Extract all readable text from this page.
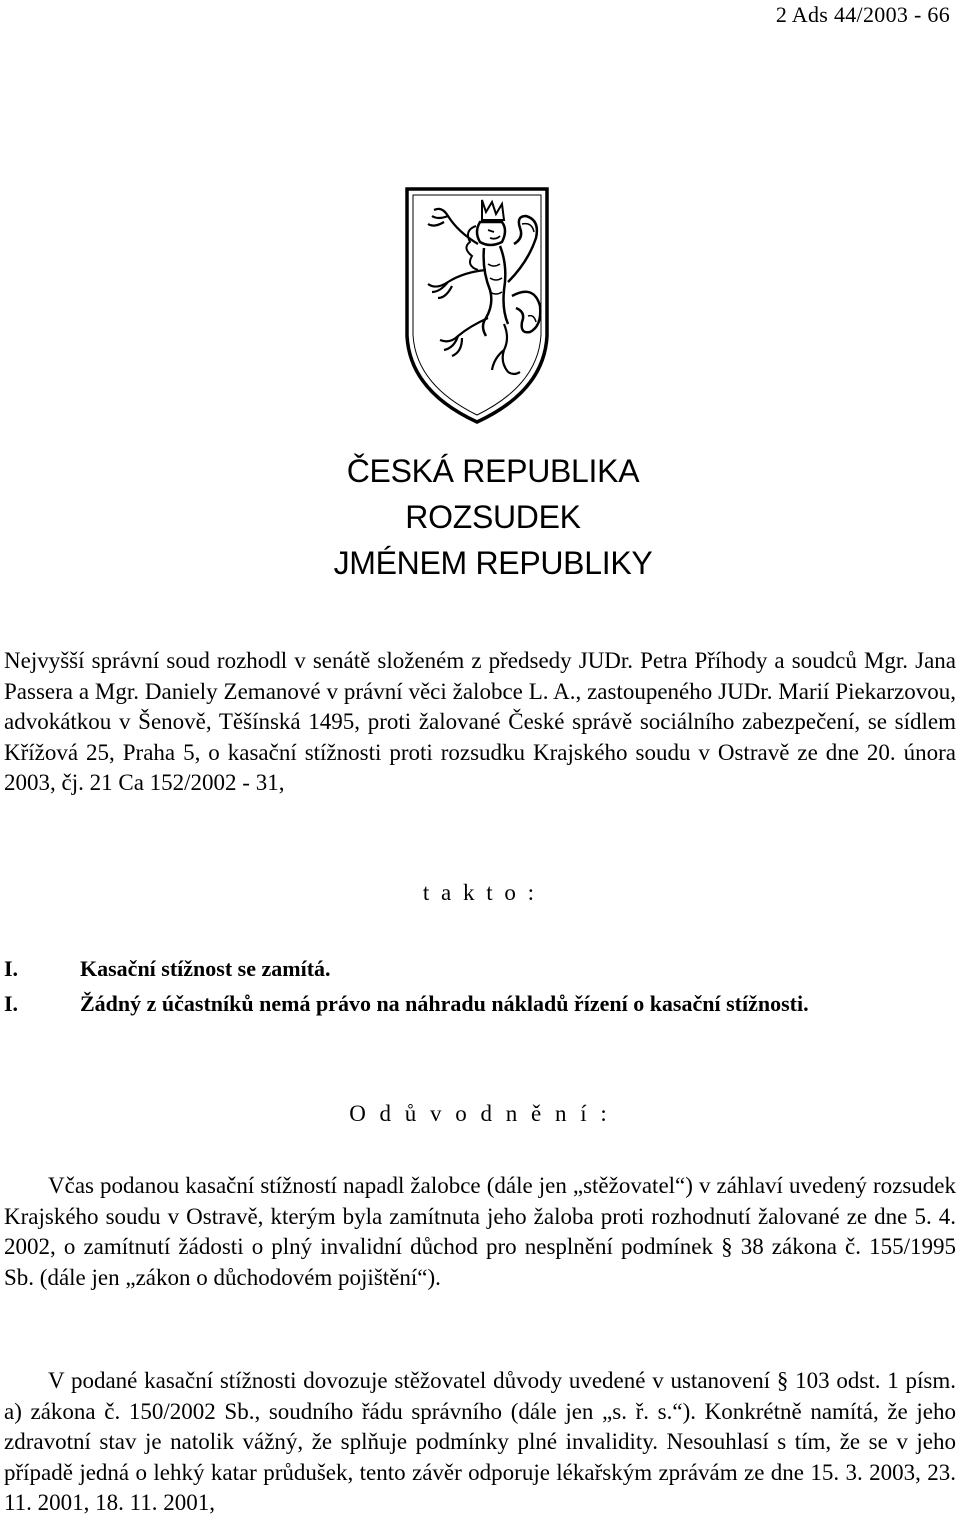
2 Ads 44/2003 - 66
ČESKÁ REPUBLIKA
ROZSUDEK
JMÉNEM REPUBLIKY
Nejvyšší správní soud rozhodl v senátě složeném z předsedy JUDr. Petra Příhody a soudců Mgr. Jana Passera a Mgr. Daniely Zemanové v právní věci žalobce L. A., zastoupeného JUDr. Marií Piekarzovou, advokátkou v Šenově, Těšínská 1495, proti žalované České správě sociálního zabezpečení, se sídlem Křížová 25, Praha 5, o kasační stížnosti proti rozsudku Krajského soudu v Ostravě ze dne 20. února 2003, čj. 21 Ca 152/2002 - 31,
t a k t o :
I.	Kasační stížnost se zamítá.
I.	Žádný z účastníků nemá právo na náhradu nákladů řízení o kasační stížnosti.
O d ů v o d n ě n í :
Včas podanou kasační stížností napadl žalobce (dále jen „stěžovatel“) v záhlaví uvedený rozsudek Krajského soudu v Ostravě, kterým byla zamítnuta jeho žaloba proti rozhodnutí žalované ze dne 5. 4. 2002, o zamítnutí žádosti o plný invalidní důchod pro nesplnění podmínek § 38 zákona č. 155/1995 Sb. (dále jen „zákon o důchodovém pojištění“).
V podané kasační stížnosti dovozuje stěžovatel důvody uvedené v ustanovení § 103 odst. 1 písm. a) zákona č. 150/2002 Sb., soudního řádu správního (dále jen „s. ř. s.“). Konkrétně namítá, že jeho zdravotní stav je natolik vážný, že splňuje podmínky plné invalidity. Nesouhlasí s tím, že se v jeho případě jedná o lehký katar průdušek, tento závěr odporuje lékařským zprávám ze dne 15. 3. 2003, 23. 11. 2001, 18. 11. 2001,
